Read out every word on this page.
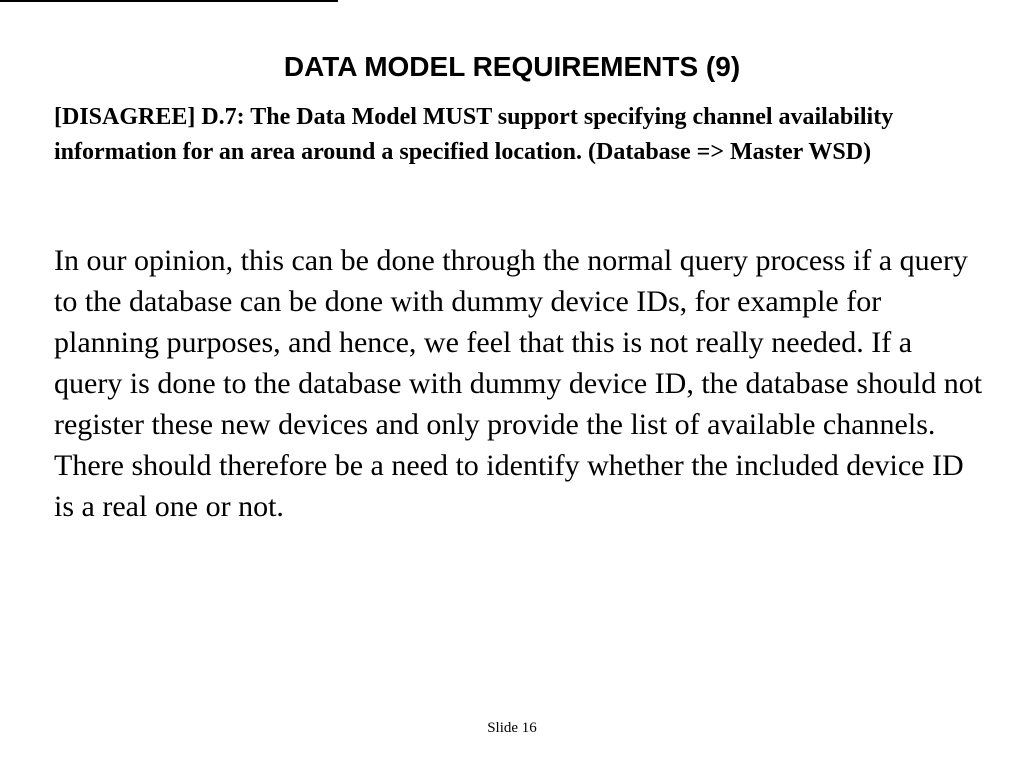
DATA MODEL REQUIREMENTS (9)

[DISAGREE] D.7: The Data Model MUST support specifying channel availability information for an area around a specified location. (Database => Master WSD)

In our opinion, this can be done through the normal query process if a query to the database can be done with dummy device IDs, for example for planning purposes, and hence, we feel that this is not really needed. If a query is done to the database with dummy device ID, the database should not register these new devices and only provide the list of available channels. There should therefore be a need to identify whether the included device ID is a real one or not.

Slide 16
